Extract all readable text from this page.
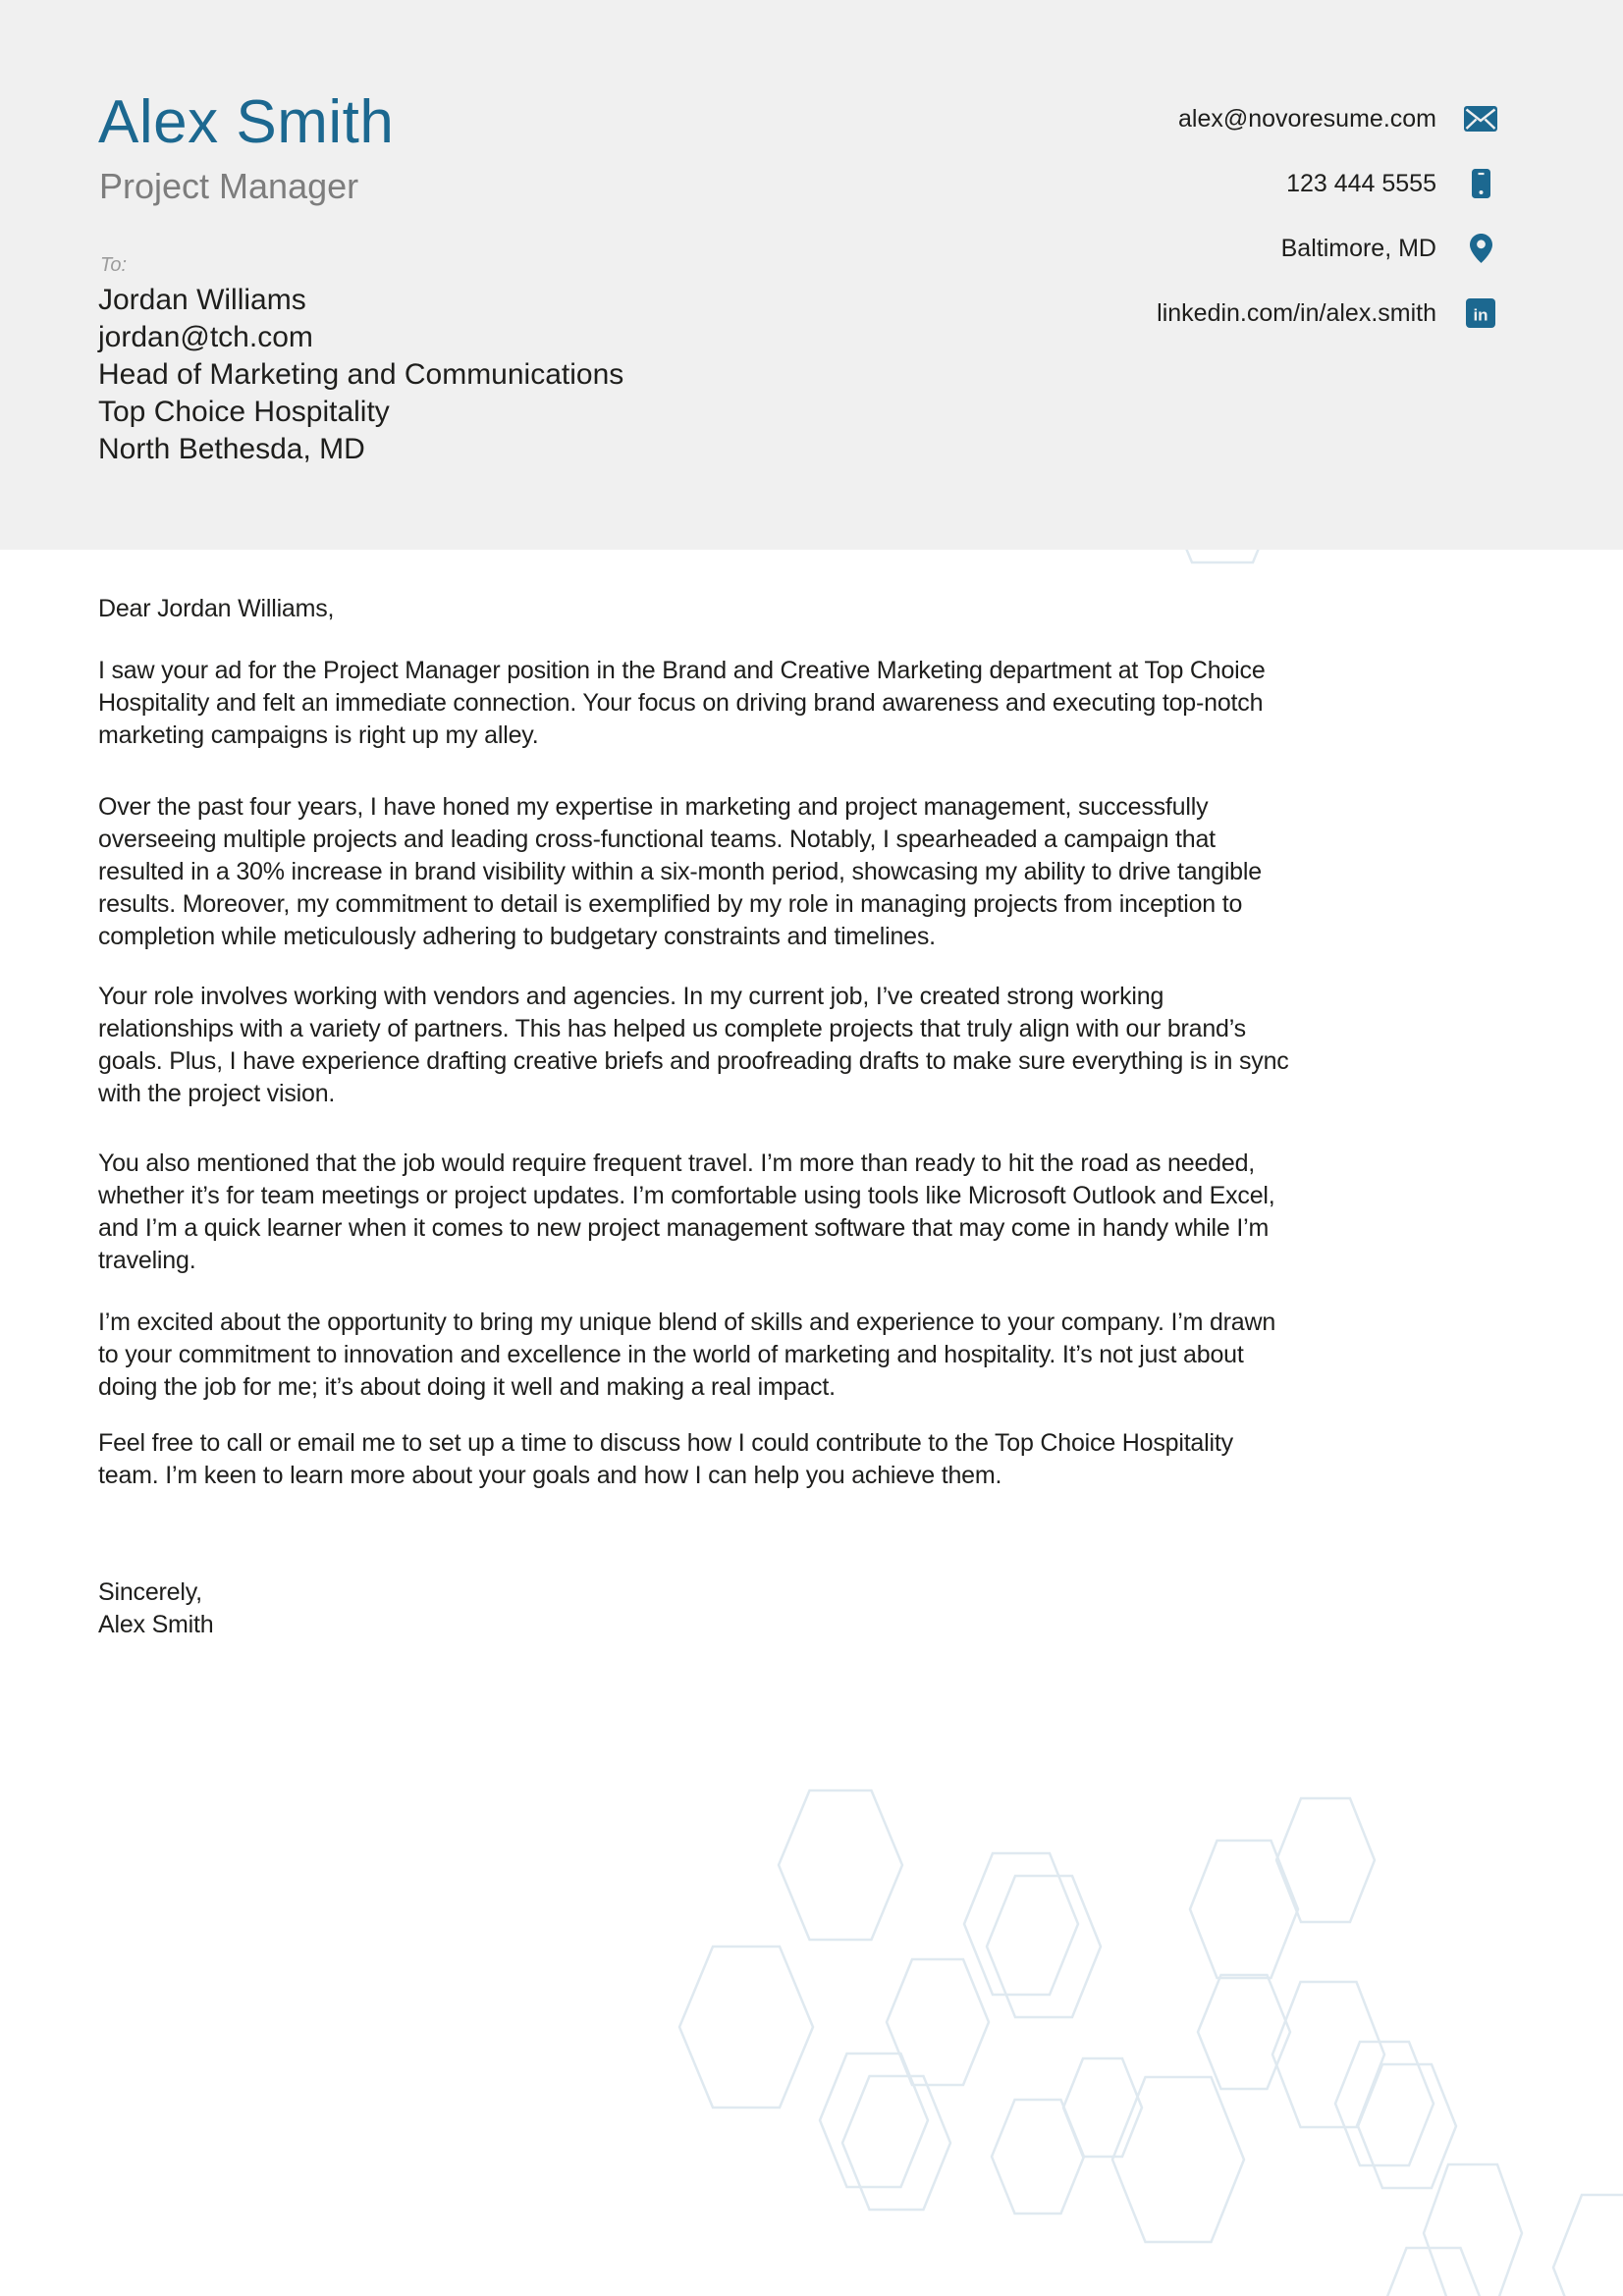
Alex Smith
Project Manager
To:
Jordan Williams
jordan@tch.com
Head of Marketing and Communications
Top Choice Hospitality
North Bethesda, MD
alex@novoresume.com
123 444 5555
Baltimore, MD
linkedin.com/in/alex.smith in
Dear Jordan Williams,
Sincerely,
Alex Smith
I saw your ad for the Project Manager position in the Brand and Creative Marketing department at Top Choice
Hospitality and felt an immediate connection. Your focus on driving brand awareness and executing top-notch
marketing campaigns is right up my alley.
Over the past four years, I have honed my expertise in marketing and project management, successfully
overseeing multiple projects and leading cross-functional teams. Notably, I spearheaded a campaign that
resulted in a 30% increase in brand visibility within a six-month period, showcasing my ability to drive tangible
results. Moreover, my commitment to detail is exemplified by my role in managing projects from inception to
completion while meticulously adhering to budgetary constraints and timelines.
Your role involves working with vendors and agencies. In my current job, I’ve created strong working
relationships with a variety of partners. This has helped us complete projects that truly align with our brand’s
goals. Plus, I have experience drafting creative briefs and proofreading drafts to make sure everything is in sync
with the project vision.
You also mentioned that the job would require frequent travel. I’m more than ready to hit the road as needed,
whether it’s for team meetings or project updates. I’m comfortable using tools like Microsoft Outlook and Excel,
and I’m a quick learner when it comes to new project management software that may come in handy while I’m
traveling.
I’m excited about the opportunity to bring my unique blend of skills and experience to your company. I’m drawn
to your commitment to innovation and excellence in the world of marketing and hospitality. It’s not just about
doing the job for me; it’s about doing it well and making a real impact.
Feel free to call or email me to set up a time to discuss how I could contribute to the Top Choice Hospitality
team. I’m keen to learn more about your goals and how I can help you achieve them.
